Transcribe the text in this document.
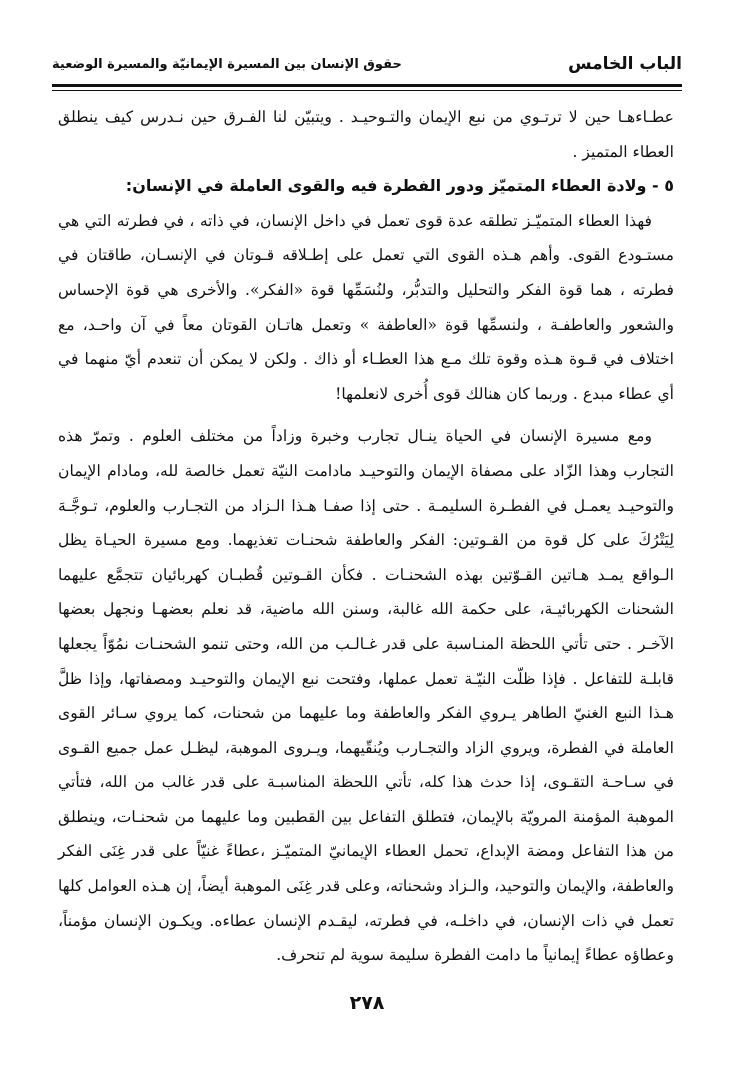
الباب الخامس
حقوق الإنسان بين المسيرة الإيمانيّة والمسيرة الوضعية

عطـاءهـا حين لا ترتـوي من نبع الإيمان والتـوحيـد . ويتبيّن لنا الفـرق حين نـدرس كيف ينطلق العطاء المتميز .

٥ - ولادة العطاء المتميّز ودور الفطرة فيه والقوى العاملة في الإنسان:

فهذا العطاء المتميّـز تطلقه عدة قوى تعمل في داخل الإنسان، في ذاته ، في فطرته التي هي مستـودع القوى. وأهم هـذه القوى التي تعمل على إطـلاقه قـوتان في الإنسـان، طاقتان في فطرته ، هما قوة الفكر والتحليل والتدبُّر، ولنُسَمِّها قوة «الفكر». والأخرى هي قوة الإحساس والشعور والعاطفـة ، ولنسمِّها قوة «العاطفة » وتعمل هاتـان القوتان معاً في آن واحـد، مع اختلاف في قـوة هـذه وقوة تلك مـع هذا العطـاء أو ذاك . ولكن لا يمكن أن تنعدم أيّ منهما في أي عطاء مبدع . وربما كان هنالك قوى أُخرى لانعلمها!

ومع مسيرة الإنسان في الحياة ينـال تجارب وخبرة وزاداً من مختلف العلوم . وتمرّ هذه التجارب وهذا الزّاد على مصفاة الإيمان والتوحيـد مادامت النيّة تعمل خالصة لله، ومادام الإيمان والتوحيـد يعمـل في الفطـرة السليمـة . حتى إذا صفـا هـذا الـزاد من التجـارب والعلوم، تـوجَّـهَ لِيَتْرُكَ على كل قوة من القـوتين: الفكر والعاطفة شحنـات تغذيهما. ومع مسيرة الحيـاة يظل الـواقع يمـد هـاتين القـوّتين بهذه الشحنـات . فكأن القـوتين قُطبـان كهربائيان تتجمَّع عليهما الشحنات الكهربائيـة، على حكمة الله غالبة، وسنن الله ماضية، قد نعلم بعضهـا ونجهل بعضها الآخـر . حتى تأتي اللحظة المنـاسبة على قدر غـالـب من الله، وحتى تنمو الشحنـات نمُوّاً يجعلها قابلـة للتفاعل . فإذا ظلّت النيّـة تعمل عملها، وفتحت نبع الإيمان والتوحيـد ومصفاتها، وإذا ظلَّ هـذا النبع الغنيّ الطاهر يـروي الفكر والعاطفة وما عليهما من شحنات، كما يروي سـائر القوى العاملة في الفطرة، ويروي الزاد والتجـارب ويُنقّيهما، ويـروى الموهبة، ليظـل عمل جميع القـوى في سـاحـة التقـوى، إذا حدث هذا كله، تأتي اللحظة المناسبـة على قدر غالب من الله، فتأتي الموهبة المؤمنة المرويّة بالإيمان، فتطلق التفاعل بين القطبين وما عليهما من شحنـات، وينطلق من هذا التفاعل ومضة الإبداع، تحمل العطاء الإيمانيّ المتميّـز ،عطاءً غنيّاً على قدر غِنَى الفكر والعاطفة، والإيمان والتوحيد، والـزاد وشحناته، وعلى قدر غِنَى الموهبة أيضاً، إن هـذه العوامل كلها تعمل في ذات الإنسان، في داخلـه، في فطرته، ليقـدم الإنسان عطاءه. ويكـون الإنسان مؤمناً، وعطاؤه عطاءً إيمانياً ما دامت الفطرة سليمة سوية لم تنحرف.

٢٧٨
